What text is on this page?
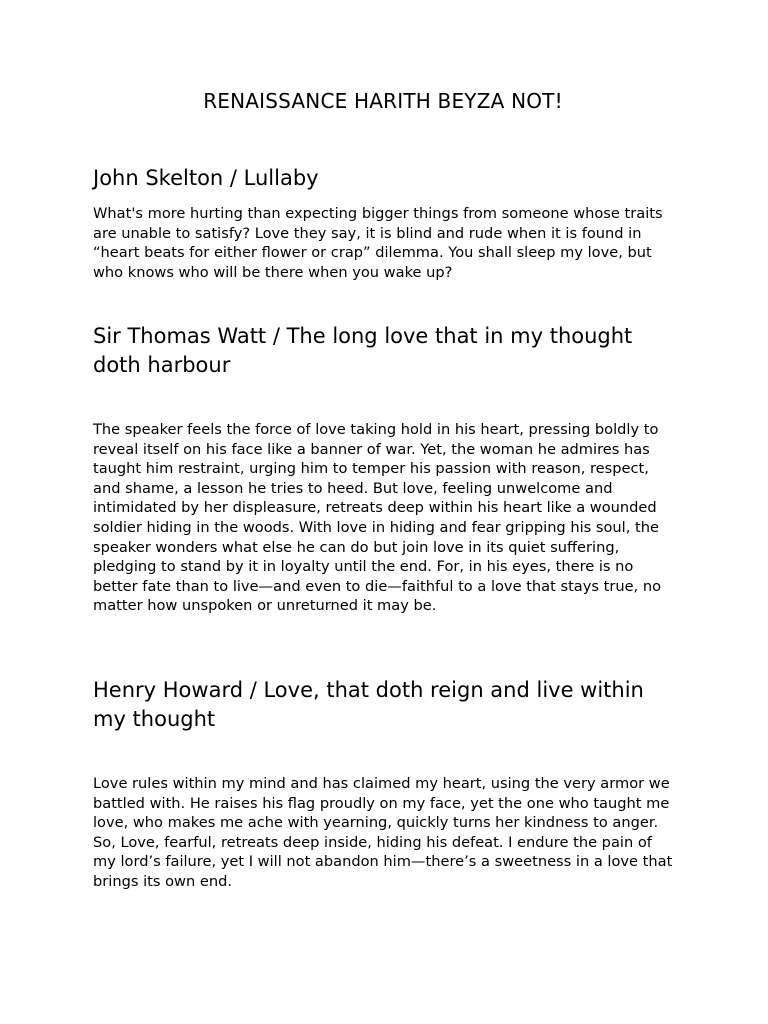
RENAISSANCE HARITH BEYZA NOT!
John Skelton / Lullaby

What's more hurting than expecting bigger things from someone whose traits are unable to satisfy? Love they say, it is blind and rude when it is found in “heart beats for either flower or crap” dilemma. You shall sleep my love, but who knows who will be there when you wake up?

Sir Thomas Watt / The long love that in my thought doth harbour

The speaker feels the force of love taking hold in his heart, pressing boldly to reveal itself on his face like a banner of war. Yet, the woman he admires has taught him restraint, urging him to temper his passion with reason, respect, and shame, a lesson he tries to heed. But love, feeling unwelcome and intimidated by her displeasure, retreats deep within his heart like a wounded soldier hiding in the woods. With love in hiding and fear gripping his soul, the speaker wonders what else he can do but join love in its quiet suffering, pledging to stand by it in loyalty until the end. For, in his eyes, there is no better fate than to live—and even to die—faithful to a love that stays true, no matter how unspoken or unreturned it may be.

Henry Howard / Love, that doth reign and live within my thought

Love rules within my mind and has claimed my heart, using the very armor we battled with. He raises his flag proudly on my face, yet the one who taught me love, who makes me ache with yearning, quickly turns her kindness to anger. So, Love, fearful, retreats deep inside, hiding his defeat. I endure the pain of my lord’s failure, yet I will not abandon him—there’s a sweetness in a love that brings its own end.
